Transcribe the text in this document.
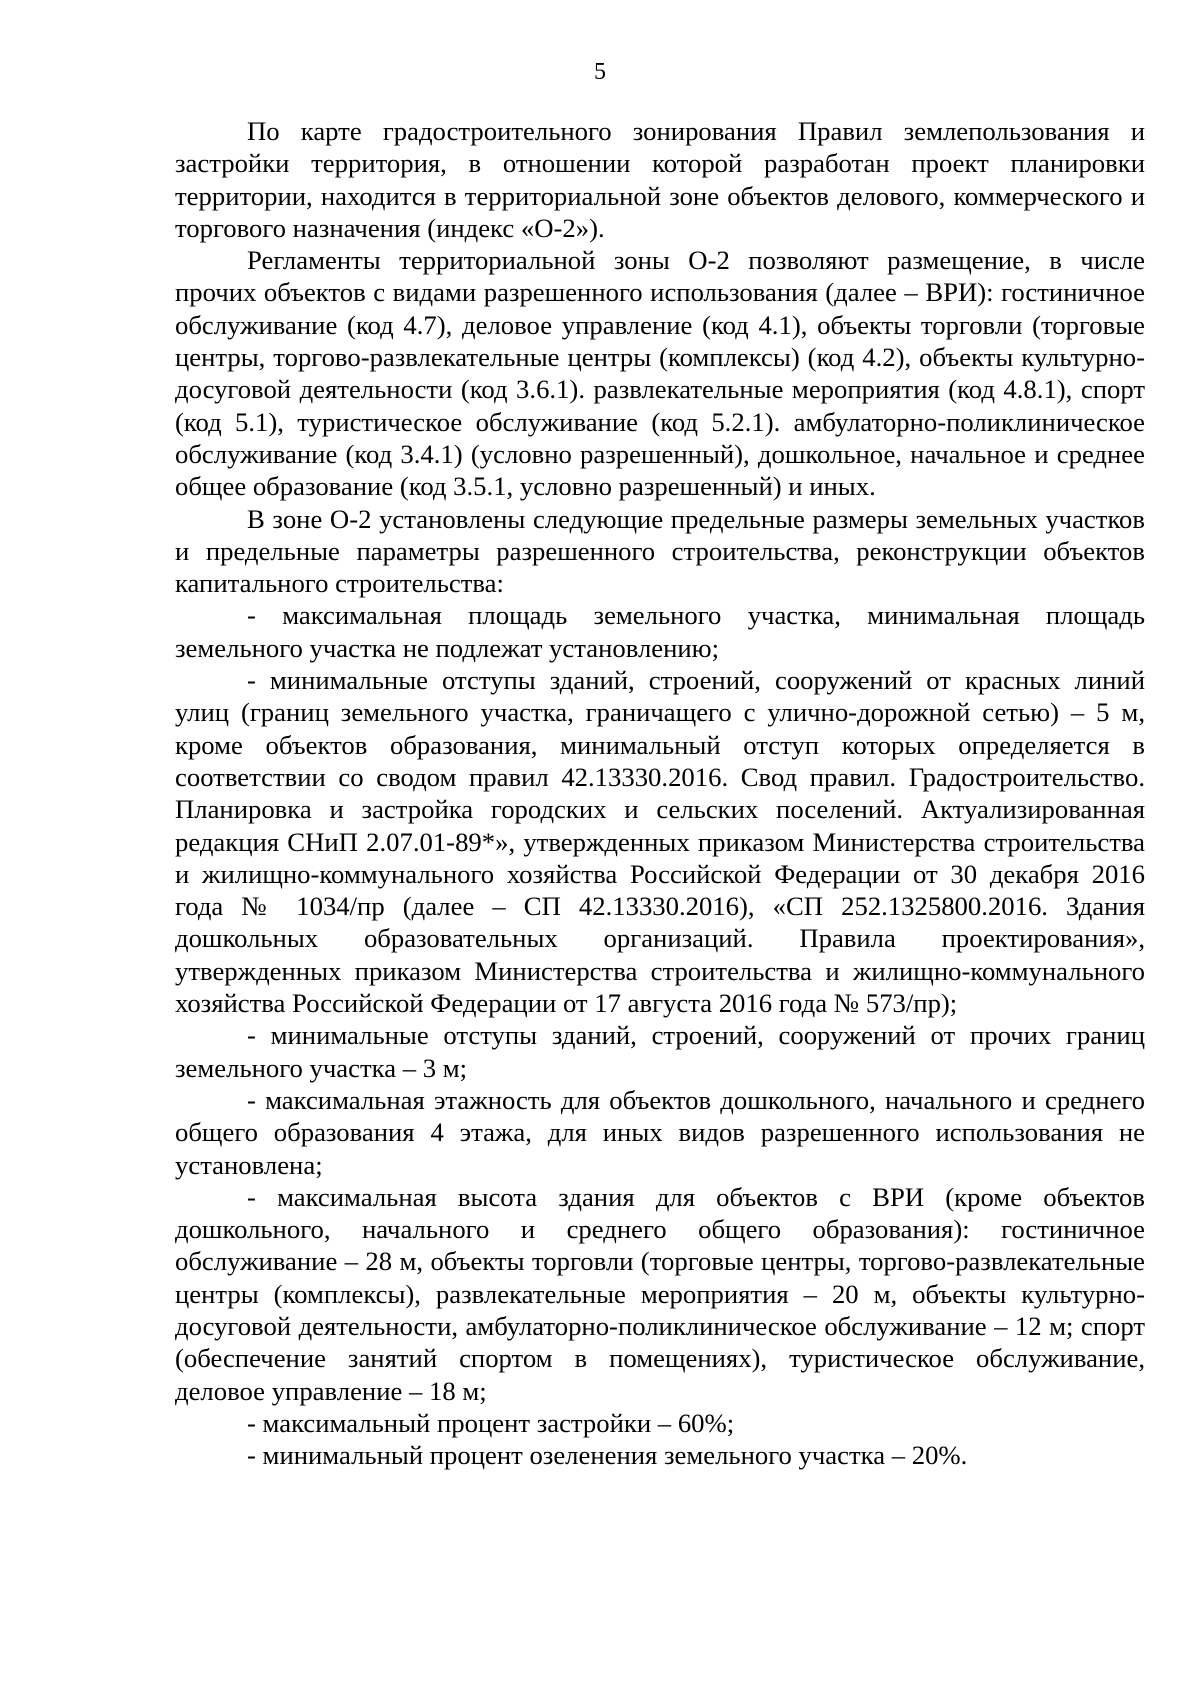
5

По карте градостроительного зонирования Правил землепользования и застройки территория, в отношении которой разработан проект планировки территории, находится в территориальной зоне объектов делового, коммерческого и торгового назначения (индекс «О-2»).

Регламенты территориальной зоны О-2 позволяют размещение, в числе прочих объектов с видами разрешенного использования (далее – ВРИ): гостиничное обслуживание (код 4.7), деловое управление (код 4.1), объекты торговли (торговые центры, торгово-развлекательные центры (комплексы) (код 4.2), объекты культурно-досуговой деятельности (код 3.6.1). развлекательные мероприятия (код 4.8.1), спорт (код 5.1), туристическое обслуживание (код 5.2.1). амбулаторно-поликлиническое обслуживание (код 3.4.1) (условно разрешенный), дошкольное, начальное и среднее общее образование (код 3.5.1, условно разрешенный) и иных.

В зоне О-2 установлены следующие предельные размеры земельных участков и предельные параметры разрешенного строительства, реконструкции объектов капитального строительства:

- максимальная площадь земельного участка, минимальная площадь земельного участка не подлежат установлению;

- минимальные отступы зданий, строений, сооружений от красных линий улиц (границ земельного участка, граничащего с улично-дорожной сетью) – 5 м, кроме объектов образования, минимальный отступ которых определяется в соответствии со сводом правил 42.13330.2016. Свод правил. Градостроительство. Планировка и застройка городских и сельских поселений. Актуализированная редакция СНиП 2.07.01-89*», утвержденных приказом Министерства строительства и жилищно-коммунального хозяйства Российской Федерации от 30 декабря 2016 года № 1034/пр (далее – СП 42.13330.2016), «СП 252.1325800.2016. Здания дошкольных образовательных организаций. Правила проектирования», утвержденных приказом Министерства строительства и жилищно-коммунального хозяйства Российской Федерации от 17 августа 2016 года № 573/пр);

- минимальные отступы зданий, строений, сооружений от прочих границ земельного участка – 3 м;

- максимальная этажность для объектов дошкольного, начального и среднего общего образования 4 этажа, для иных видов разрешенного использования не установлена;

- максимальная высота здания для объектов с ВРИ (кроме объектов дошкольного, начального и среднего общего образования): гостиничное обслуживание – 28 м, объекты торговли (торговые центры, торгово-развлекательные центры (комплексы), развлекательные мероприятия – 20 м, объекты культурно- досуговой деятельности, амбулаторно-поликлиническое обслуживание – 12 м; спорт (обеспечение занятий спортом в помещениях), туристическое обслуживание, деловое управление – 18 м;

- максимальный процент застройки – 60%;

- минимальный процент озеленения земельного участка – 20%.
